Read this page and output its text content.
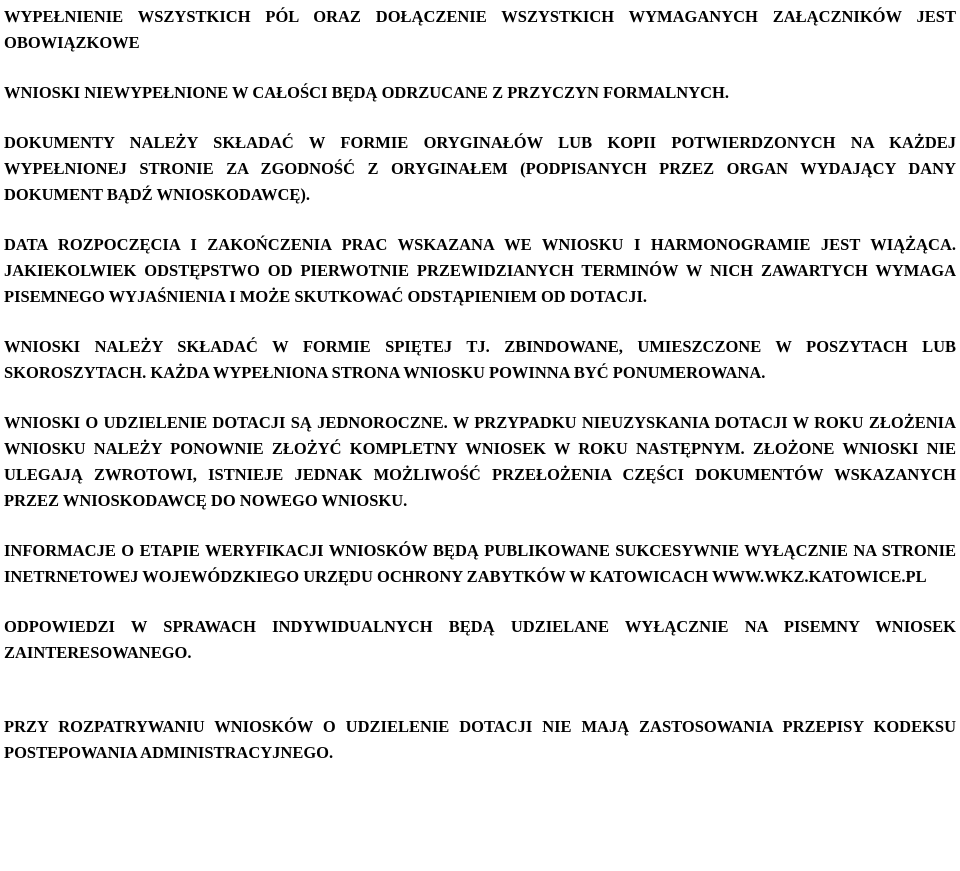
WYPEŁNIENIE WSZYSTKICH PÓL ORAZ DOŁĄCZENIE WSZYSTKICH WYMAGANYCH ZAŁĄCZNIKÓW JEST OBOWIĄZKOWE

WNIOSKI NIEWYPEŁNIONE W CAŁOŚCI BĘDĄ ODRZUCANE Z PRZYCZYN FORMALNYCH.

DOKUMENTY NALEŻY SKŁADAĆ W FORMIE ORYGINAŁÓW LUB KOPII POTWIERDZONYCH NA KAŻDEJ WYPEŁNIONEJ STRONIE ZA ZGODNOŚĆ Z ORYGINAŁEM (PODPISANYCH PRZEZ ORGAN WYDAJĄCY DANY DOKUMENT BĄDŹ WNIOSKODAWCĘ).

DATA ROZPOCZĘCIA I ZAKOŃCZENIA PRAC WSKAZANA WE WNIOSKU I HARMONOGRAMIE JEST WIĄŻĄCA. JAKIEKOLWIEK ODSTĘPSTWO OD PIERWOTNIE PRZEWIDZIANYCH TERMINÓW W NICH ZAWARTYCH WYMAGA PISEMNEGO WYJAŚNIENIA I MOŻE SKUTKOWAĆ ODSTĄPIENIEM OD DOTACJI.

WNIOSKI NALEŻY SKŁADAĆ W FORMIE SPIĘTEJ TJ. ZBINDOWANE, UMIESZCZONE W POSZYTACH LUB SKOROSZYTACH. KAŻDA WYPEŁNIONA STRONA WNIOSKU POWINNA BYĆ PONUMEROWANA.

WNIOSKI O UDZIELENIE DOTACJI SĄ JEDNOROCZNE. W PRZYPADKU NIEUZYSKANIA DOTACJI W ROKU ZŁOŻENIA WNIOSKU NALEŻY PONOWNIE ZŁOŻYĆ KOMPLETNY WNIOSEK W ROKU NASTĘPNYM. ZŁOŻONE WNIOSKI NIE ULEGAJĄ ZWROTOWI, ISTNIEJE JEDNAK MOŻLIWOŚĆ PRZEŁOŻENIA CZĘŚCI DOKUMENTÓW WSKAZANYCH PRZEZ WNIOSKODAWCĘ DO NOWEGO WNIOSKU.

INFORMACJE O ETAPIE WERYFIKACJI WNIOSKÓW BĘDĄ PUBLIKOWANE SUKCESYWNIE WYŁĄCZNIE NA STRONIE INETRNETOWEJ WOJEWÓDZKIEGO URZĘDU OCHRONY ZABYTKÓW W KATOWICACH WWW.WKZ.KATOWICE.PL

ODPOWIEDZI W SPRAWACH INDYWIDUALNYCH BĘDĄ UDZIELANE WYŁĄCZNIE NA PISEMNY WNIOSEK ZAINTERESOWANEGO.

PRZY ROZPATRYWANIU WNIOSKÓW O UDZIELENIE DOTACJI NIE MAJĄ ZASTOSOWANIA PRZEPISY KODEKSU POSTEPOWANIA ADMINISTRACYJNEGO.
